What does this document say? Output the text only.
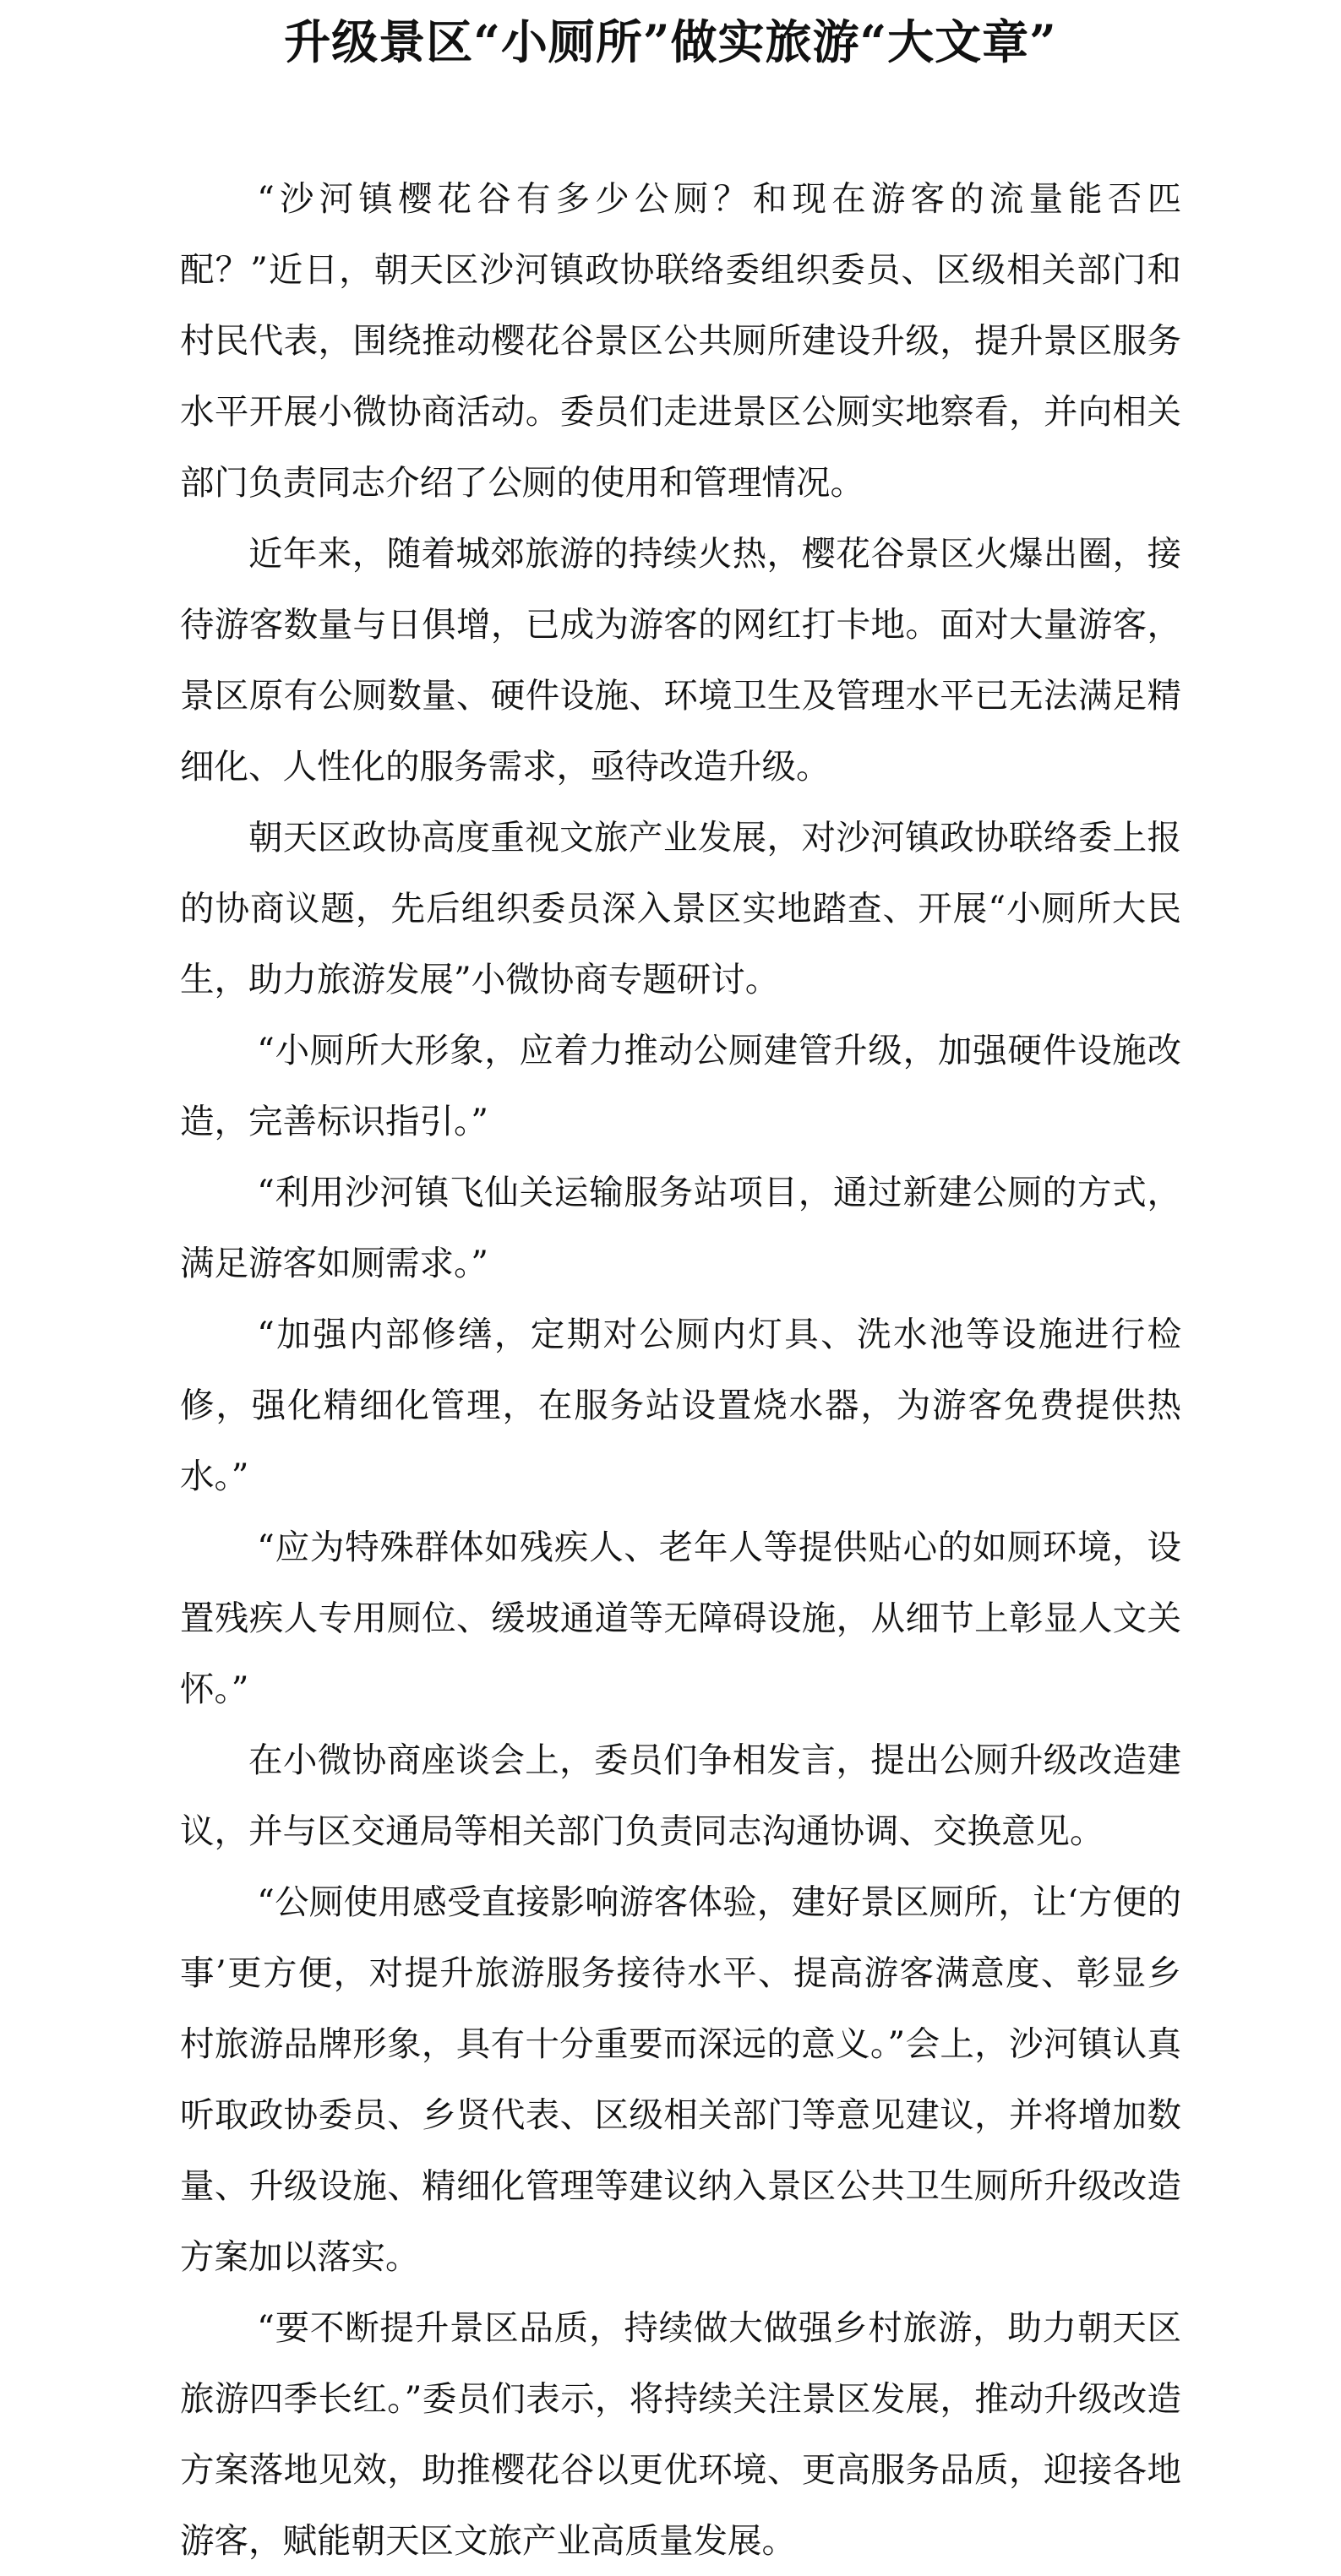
升级景区“小厕所”做实旅游“大文章”

“沙河镇樱花谷有多少公厕？和现在游客的流量能否匹配？”近日，朝天区沙河镇政协联络委组织委员、区级相关部门和村民代表，围绕推动樱花谷景区公共厕所建设升级，提升景区服务水平开展小微协商活动。委员们走进景区公厕实地察看，并向相关部门负责同志介绍了公厕的使用和管理情况。

近年来，随着城郊旅游的持续火热，樱花谷景区火爆出圈，接待游客数量与日俱增，已成为游客的网红打卡地。面对大量游客，景区原有公厕数量、硬件设施、环境卫生及管理水平已无法满足精细化、人性化的服务需求，亟待改造升级。

朝天区政协高度重视文旅产业发展，对沙河镇政协联络委上报的协商议题，先后组织委员深入景区实地踏查、开展“小厕所大民生，助力旅游发展”小微协商专题研讨。

“小厕所大形象，应着力推动公厕建管升级，加强硬件设施改造，完善标识指引。”

“利用沙河镇飞仙关运输服务站项目，通过新建公厕的方式，满足游客如厕需求。”

“加强内部修缮，定期对公厕内灯具、洗水池等设施进行检修，强化精细化管理，在服务站设置烧水器，为游客免费提供热水。”

“应为特殊群体如残疾人、老年人等提供贴心的如厕环境，设置残疾人专用厕位、缓坡通道等无障碍设施，从细节上彰显人文关怀。”

在小微协商座谈会上，委员们争相发言，提出公厕升级改造建议，并与区交通局等相关部门负责同志沟通协调、交换意见。

“公厕使用感受直接影响游客体验，建好景区厕所，让‘方便的事’更方便，对提升旅游服务接待水平、提高游客满意度、彰显乡村旅游品牌形象，具有十分重要而深远的意义。”会上，沙河镇认真听取政协委员、乡贤代表、区级相关部门等意见建议，并将增加数量、升级设施、精细化管理等建议纳入景区公共卫生厕所升级改造方案加以落实。

“要不断提升景区品质，持续做大做强乡村旅游，助力朝天区旅游四季长红。”委员们表示，将持续关注景区发展，推动升级改造方案落地见效，助推樱花谷以更优环境、更高服务品质，迎接各地游客，赋能朝天区文旅产业高质量发展。
